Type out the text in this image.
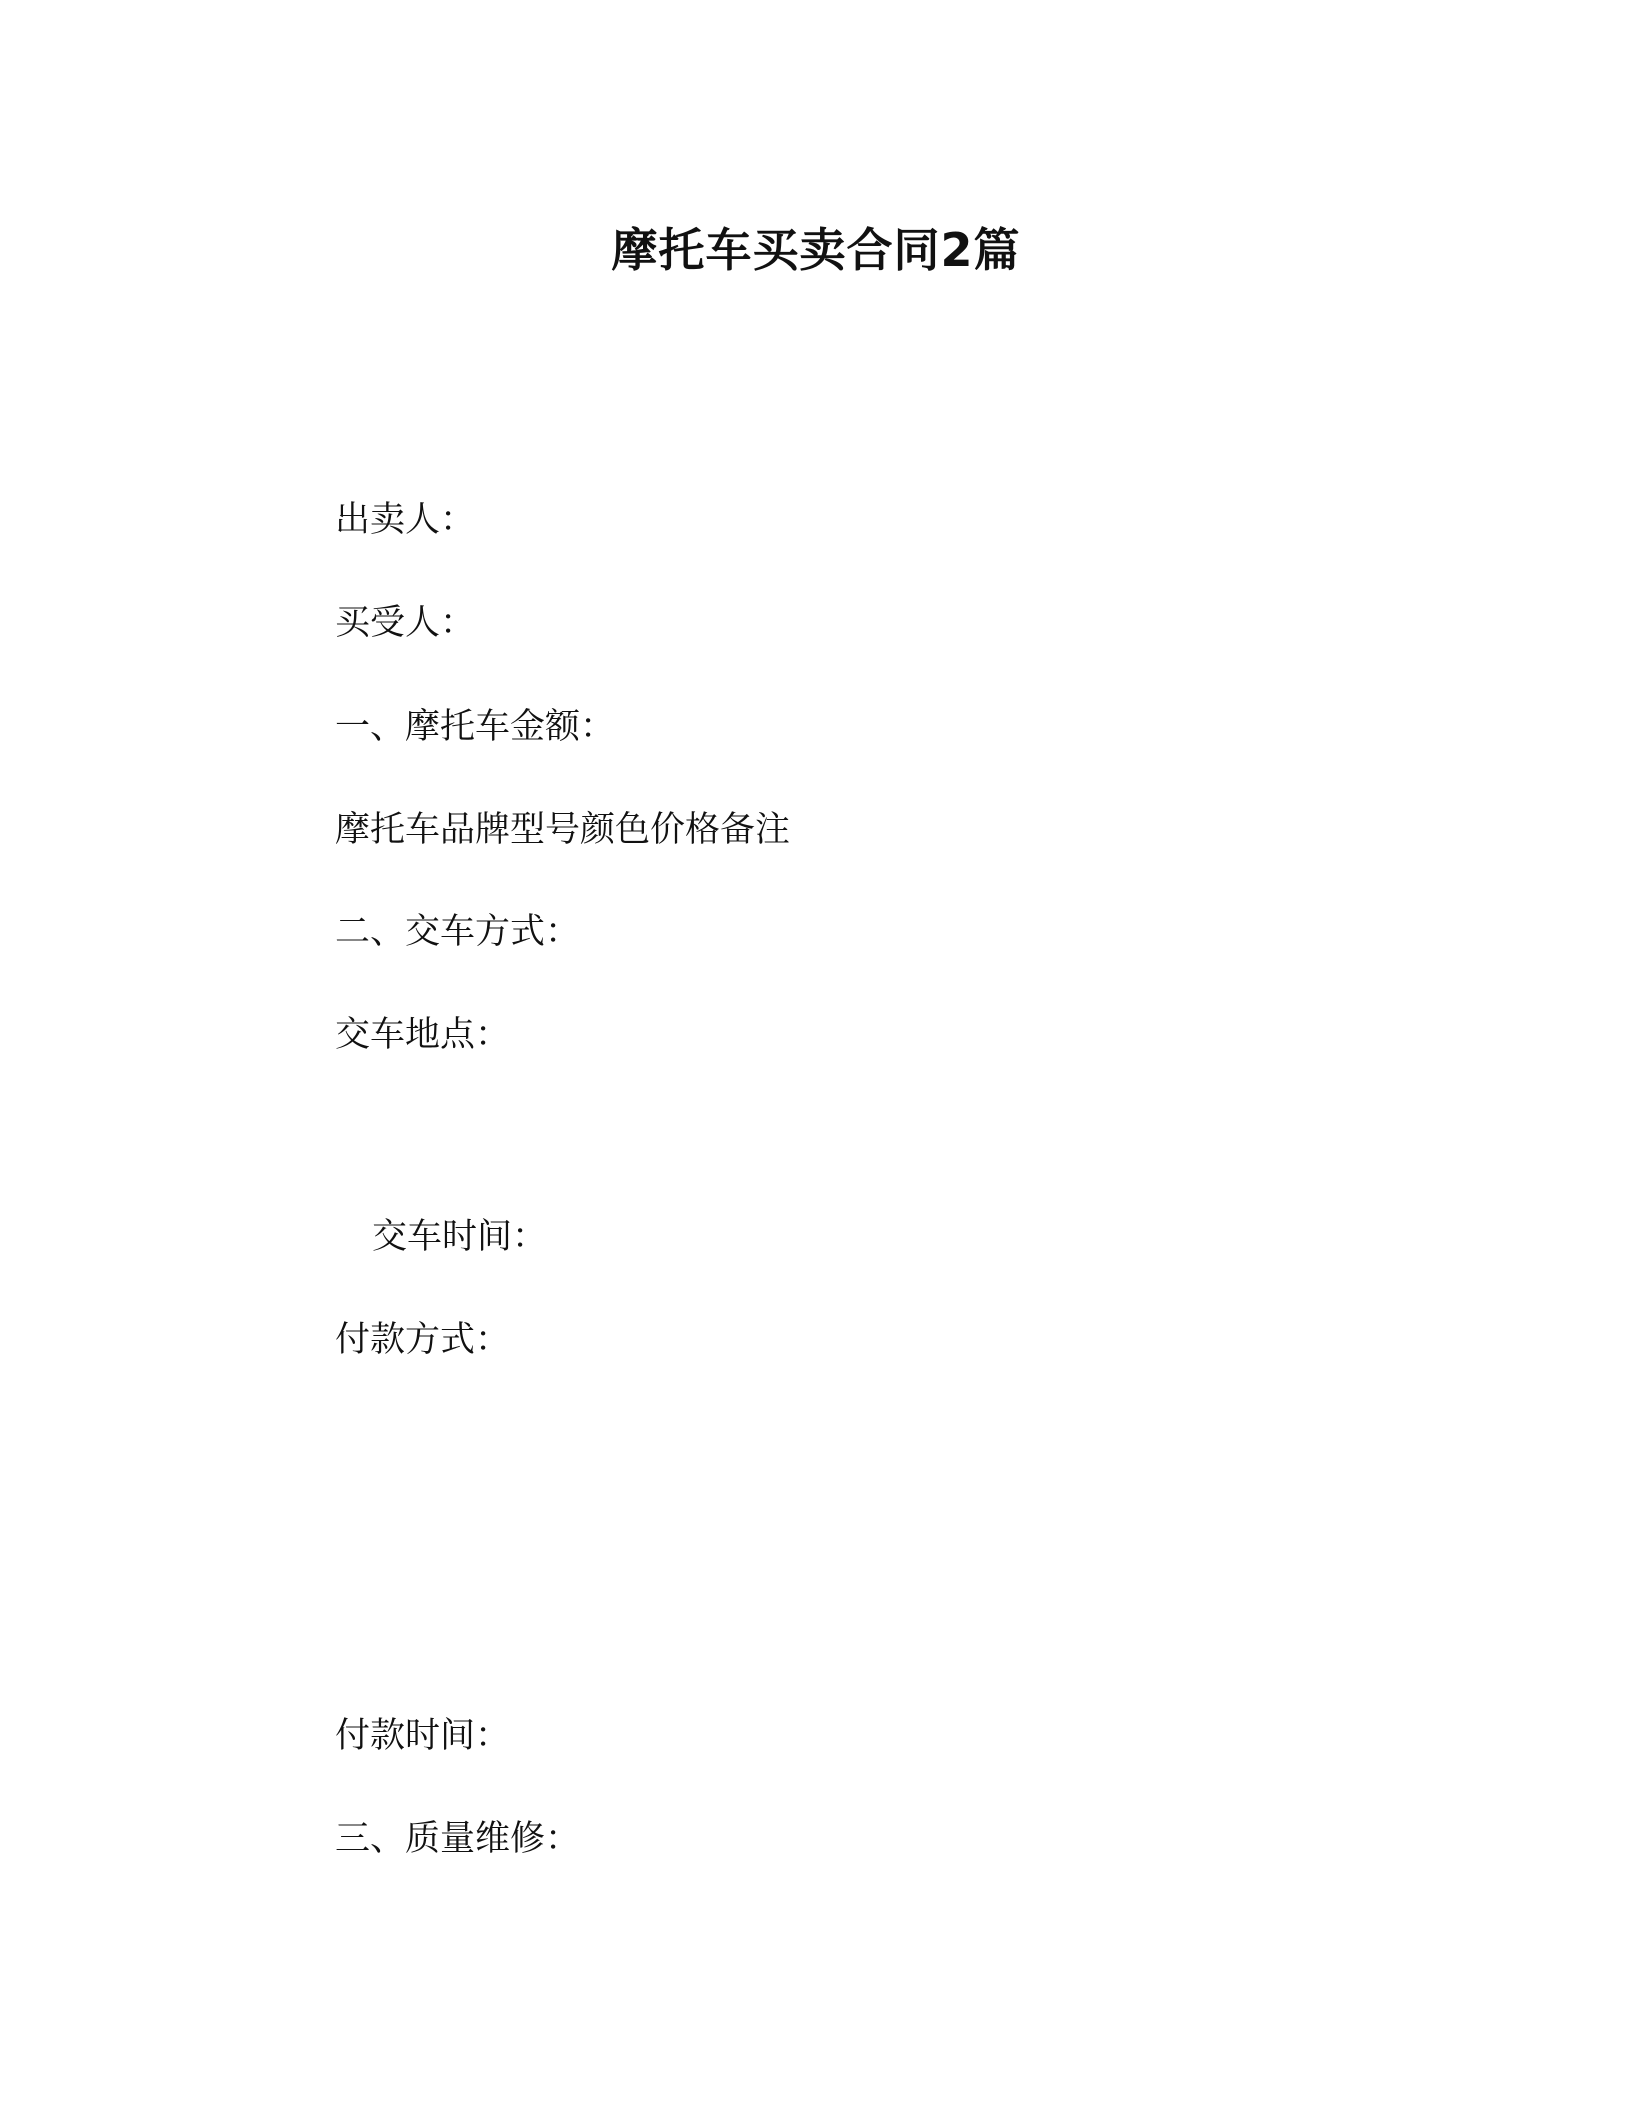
摩托车买卖合同2篇
出卖人：
买受人：
一、摩托车金额：
摩托车品牌型号颜色价格备注
二、交车方式：
交车地点：
交车时间：
付款方式：
付款时间：
三、质量维修：
